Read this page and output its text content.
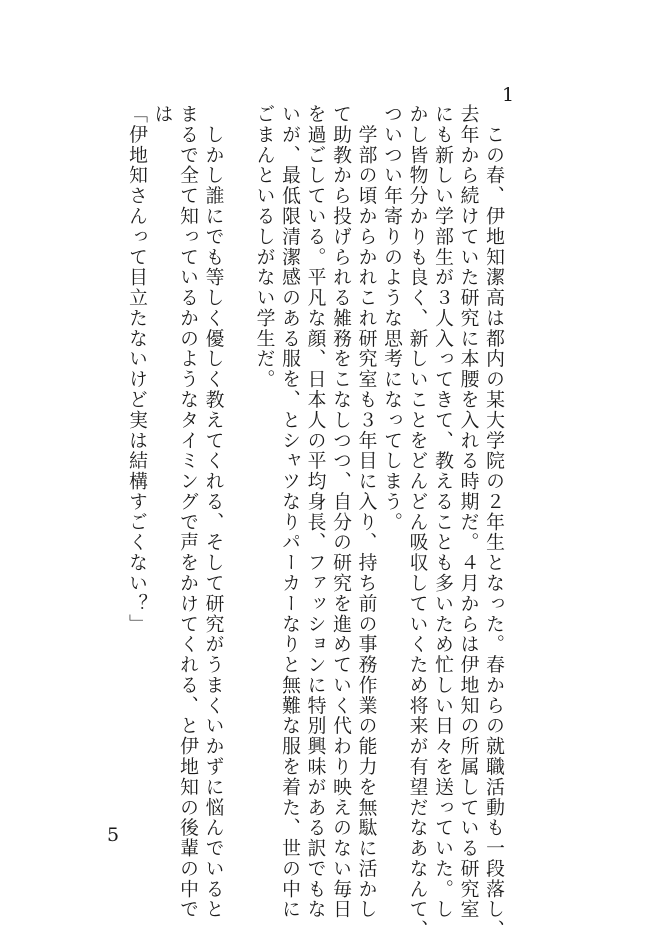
1
　この春、伊地知潔高は都内の某大学院の２年生となった。春からの就職活動も一段落し、
去年から続けていた研究に本腰を入れる時期だ。４月からは伊地知の所属している研究室
にも新しい学部生が３人入ってきて、教えることも多いため忙しい日々を送っていた。し
かし皆物分かりも良く、新しいことをどんどん吸収していくため将来が有望だなあなんて、
ついつい年寄りのような思考になってしまう。
　学部の頃からかれこれ研究室も３年目に入り、持ち前の事務作業の能力を無駄に活かし
て助教から投げられる雑務をこなしつつ、自分の研究を進めていく代わり映えのない毎日
を過ごしている。平凡な顔、日本人の平均身長、ファッションに特別興味がある訳でもな
いが、最低限清潔感のある服を、とシャツなりパーカーなりと無難な服を着た、世の中に
ごまんといるしがない学生だ。

　しかし誰にでも等しく優しく教えてくれる、そして研究がうまくいかずに悩んでいると
まるで全て知っているかのようなタイミングで声をかけてくれる、と伊地知の後輩の中で
は
「伊地知さんって目立たないけど実は結構すごくない？」
5
